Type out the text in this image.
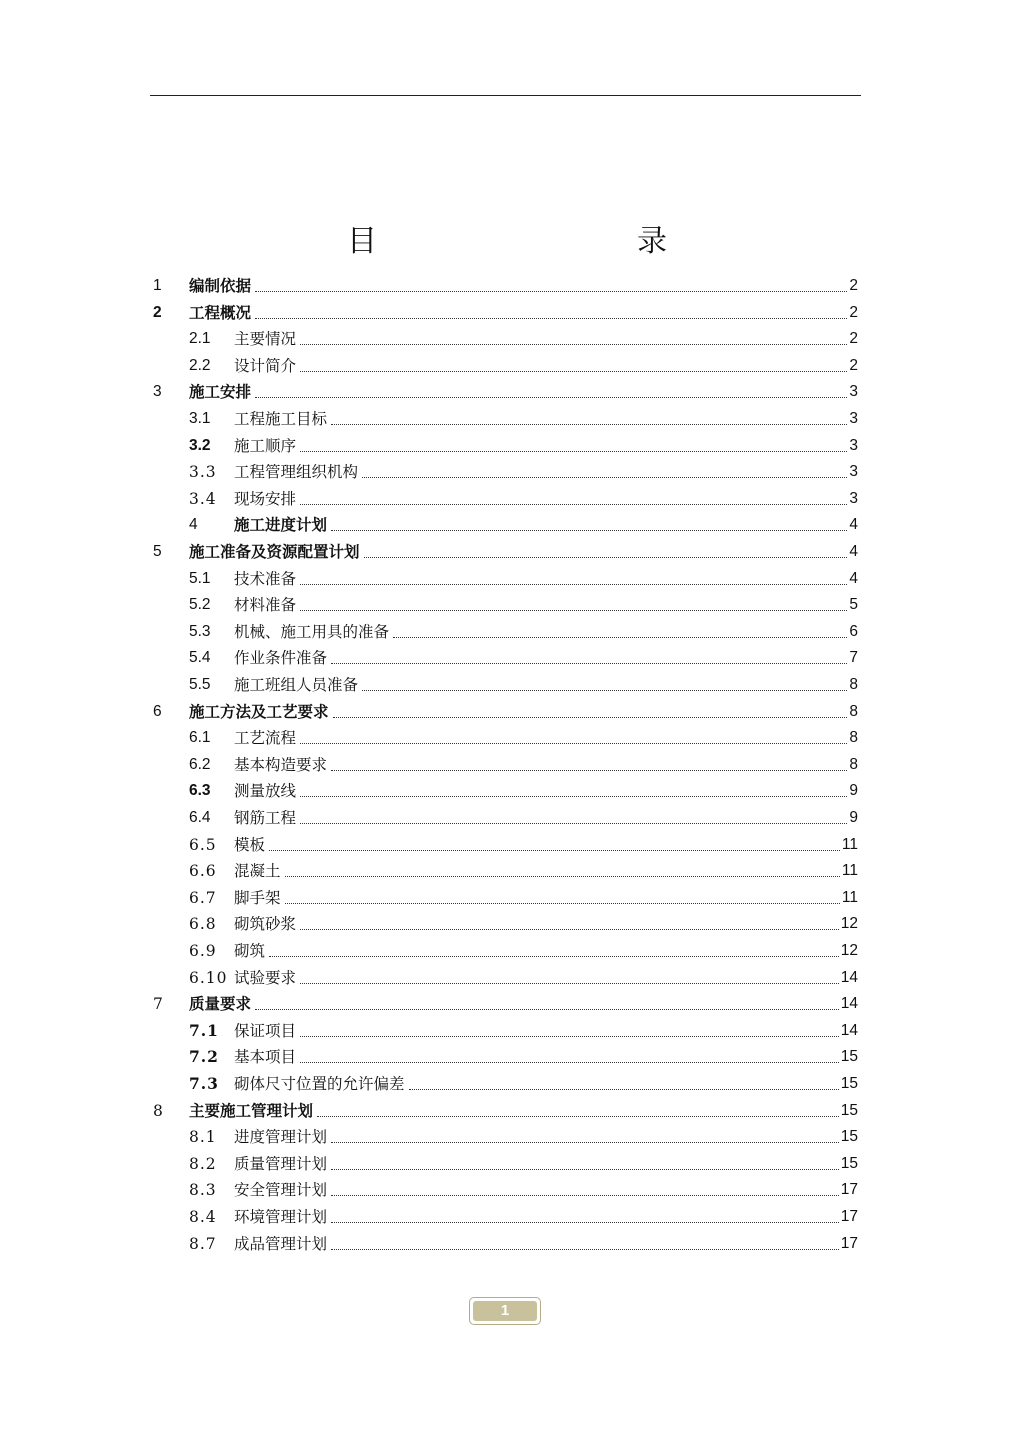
目	录
1 编制依据	2
2 工程概况	2
2.1 主要情况	2
2.2 设计简介	2
3 施工安排	3
3.1 工程施工目标	3
3.2 施工顺序	3
3.3 工程管理组织机构	3
3.4 现场安排	3
4 施工进度计划	4
5 施工准备及资源配置计划	4
5.1 技术准备	4
5.2 材料准备	5
5.3 机械、施工用具的准备	6
5.4 作业条件准备	7
5.5 施工班组人员准备	8
6 施工方法及工艺要求	8
6.1 工艺流程	8
6.2 基本构造要求	8
6.3 测量放线	9
6.4 钢筋工程	9
6.5 模板	11
6.6 混凝土	11
6.7 脚手架	11
6.8 砌筑砂浆	12
6.9 砌筑	12
6.10 试验要求	14
7 质量要求	14
7.1 保证项目	14
7.2 基本项目	15
7.3 砌体尺寸位置的允许偏差	15
8 主要施工管理计划	15
8.1 进度管理计划	15
8.2 质量管理计划	15
8.3 安全管理计划	17
8.4 环境管理计划	17
8.7 成品管理计划	17
1
